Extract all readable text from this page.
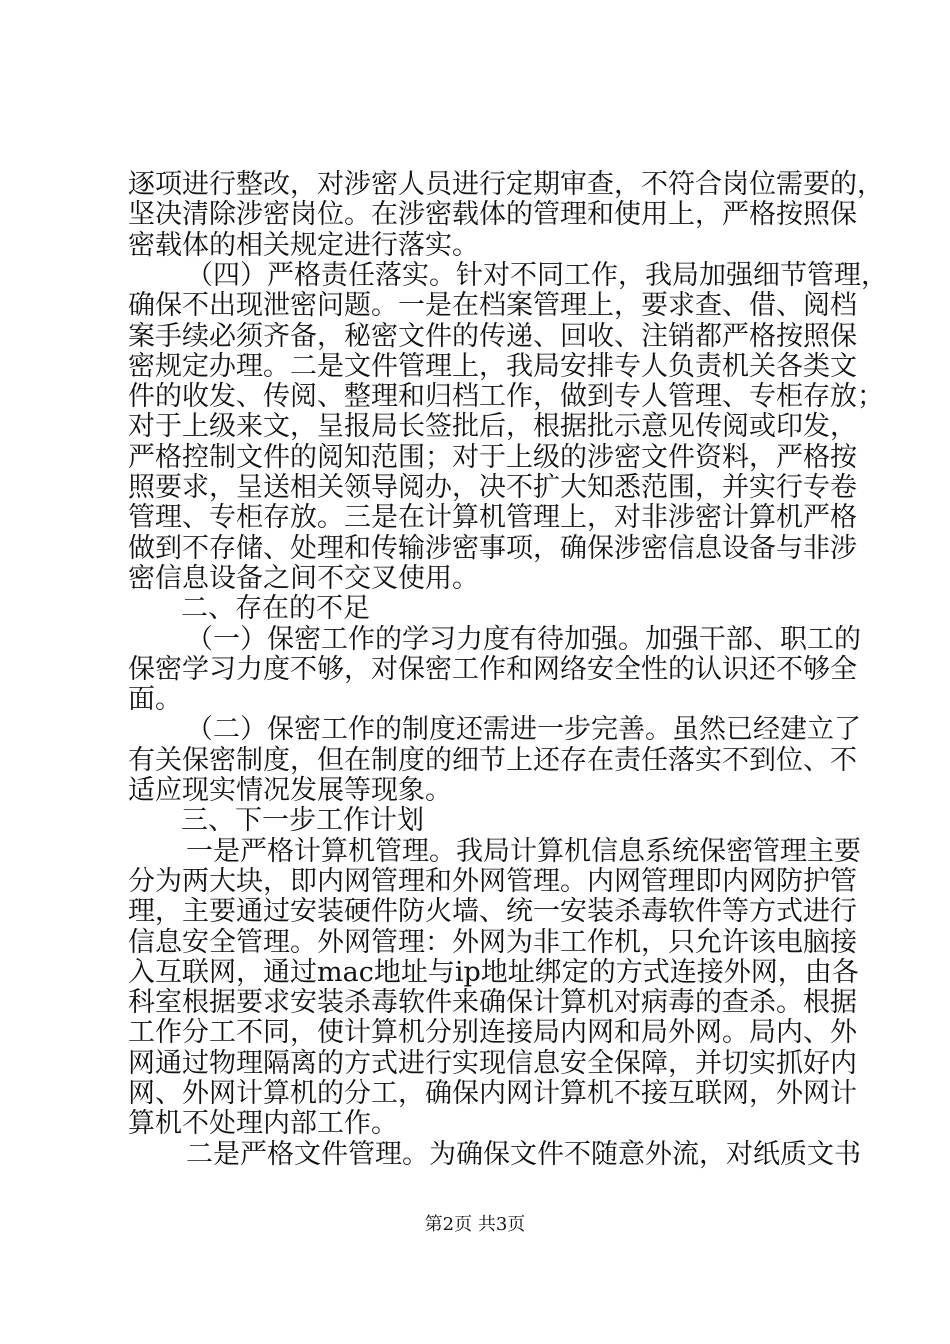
逐项进行整改，对涉密人员进行定期审查，不符合岗位需要的，
坚决清除涉密岗位。在涉密载体的管理和使用上，严格按照保
密载体的相关规定进行落实。
（四）严格责任落实。针对不同工作，我局加强细节管理，
确保不出现泄密问题。一是在档案管理上，要求查、借、阅档
案手续必须齐备，秘密文件的传递、回收、注销都严格按照保
密规定办理。二是文件管理上，我局安排专人负责机关各类文
件的收发、传阅、整理和归档工作，做到专人管理、专柜存放；
对于上级来文，呈报局长签批后，根据批示意见传阅或印发，
严格控制文件的阅知范围；对于上级的涉密文件资料，严格按
照要求，呈送相关领导阅办，决不扩大知悉范围，并实行专卷
管理、专柜存放。三是在计算机管理上，对非涉密计算机严格
做到不存储、处理和传输涉密事项，确保涉密信息设备与非涉
密信息设备之间不交叉使用。
二、存在的不足
（一）保密工作的学习力度有待加强。加强干部、职工的
保密学习力度不够，对保密工作和网络安全性的认识还不够全
面。
（二）保密工作的制度还需进一步完善。虽然已经建立了
有关保密制度，但在制度的细节上还存在责任落实不到位、不
适应现实情况发展等现象。
三、下一步工作计划
一是严格计算机管理。我局计算机信息系统保密管理主要
分为两大块，即内网管理和外网管理。内网管理即内网防护管
理，主要通过安装硬件防火墙、统一安装杀毒软件等方式进行
信息安全管理。外网管理：外网为非工作机，只允许该电脑接
入互联网，通过mac地址与ip地址绑定的方式连接外网，由各
科室根据要求安装杀毒软件来确保计算机对病毒的查杀。根据
工作分工不同，使计算机分别连接局内网和局外网。局内、外
网通过物理隔离的方式进行实现信息安全保障，并切实抓好内
网、外网计算机的分工，确保内网计算机不接互联网，外网计
算机不处理内部工作。
二是严格文件管理。为确保文件不随意外流，对纸质文书
第2页 共3页
